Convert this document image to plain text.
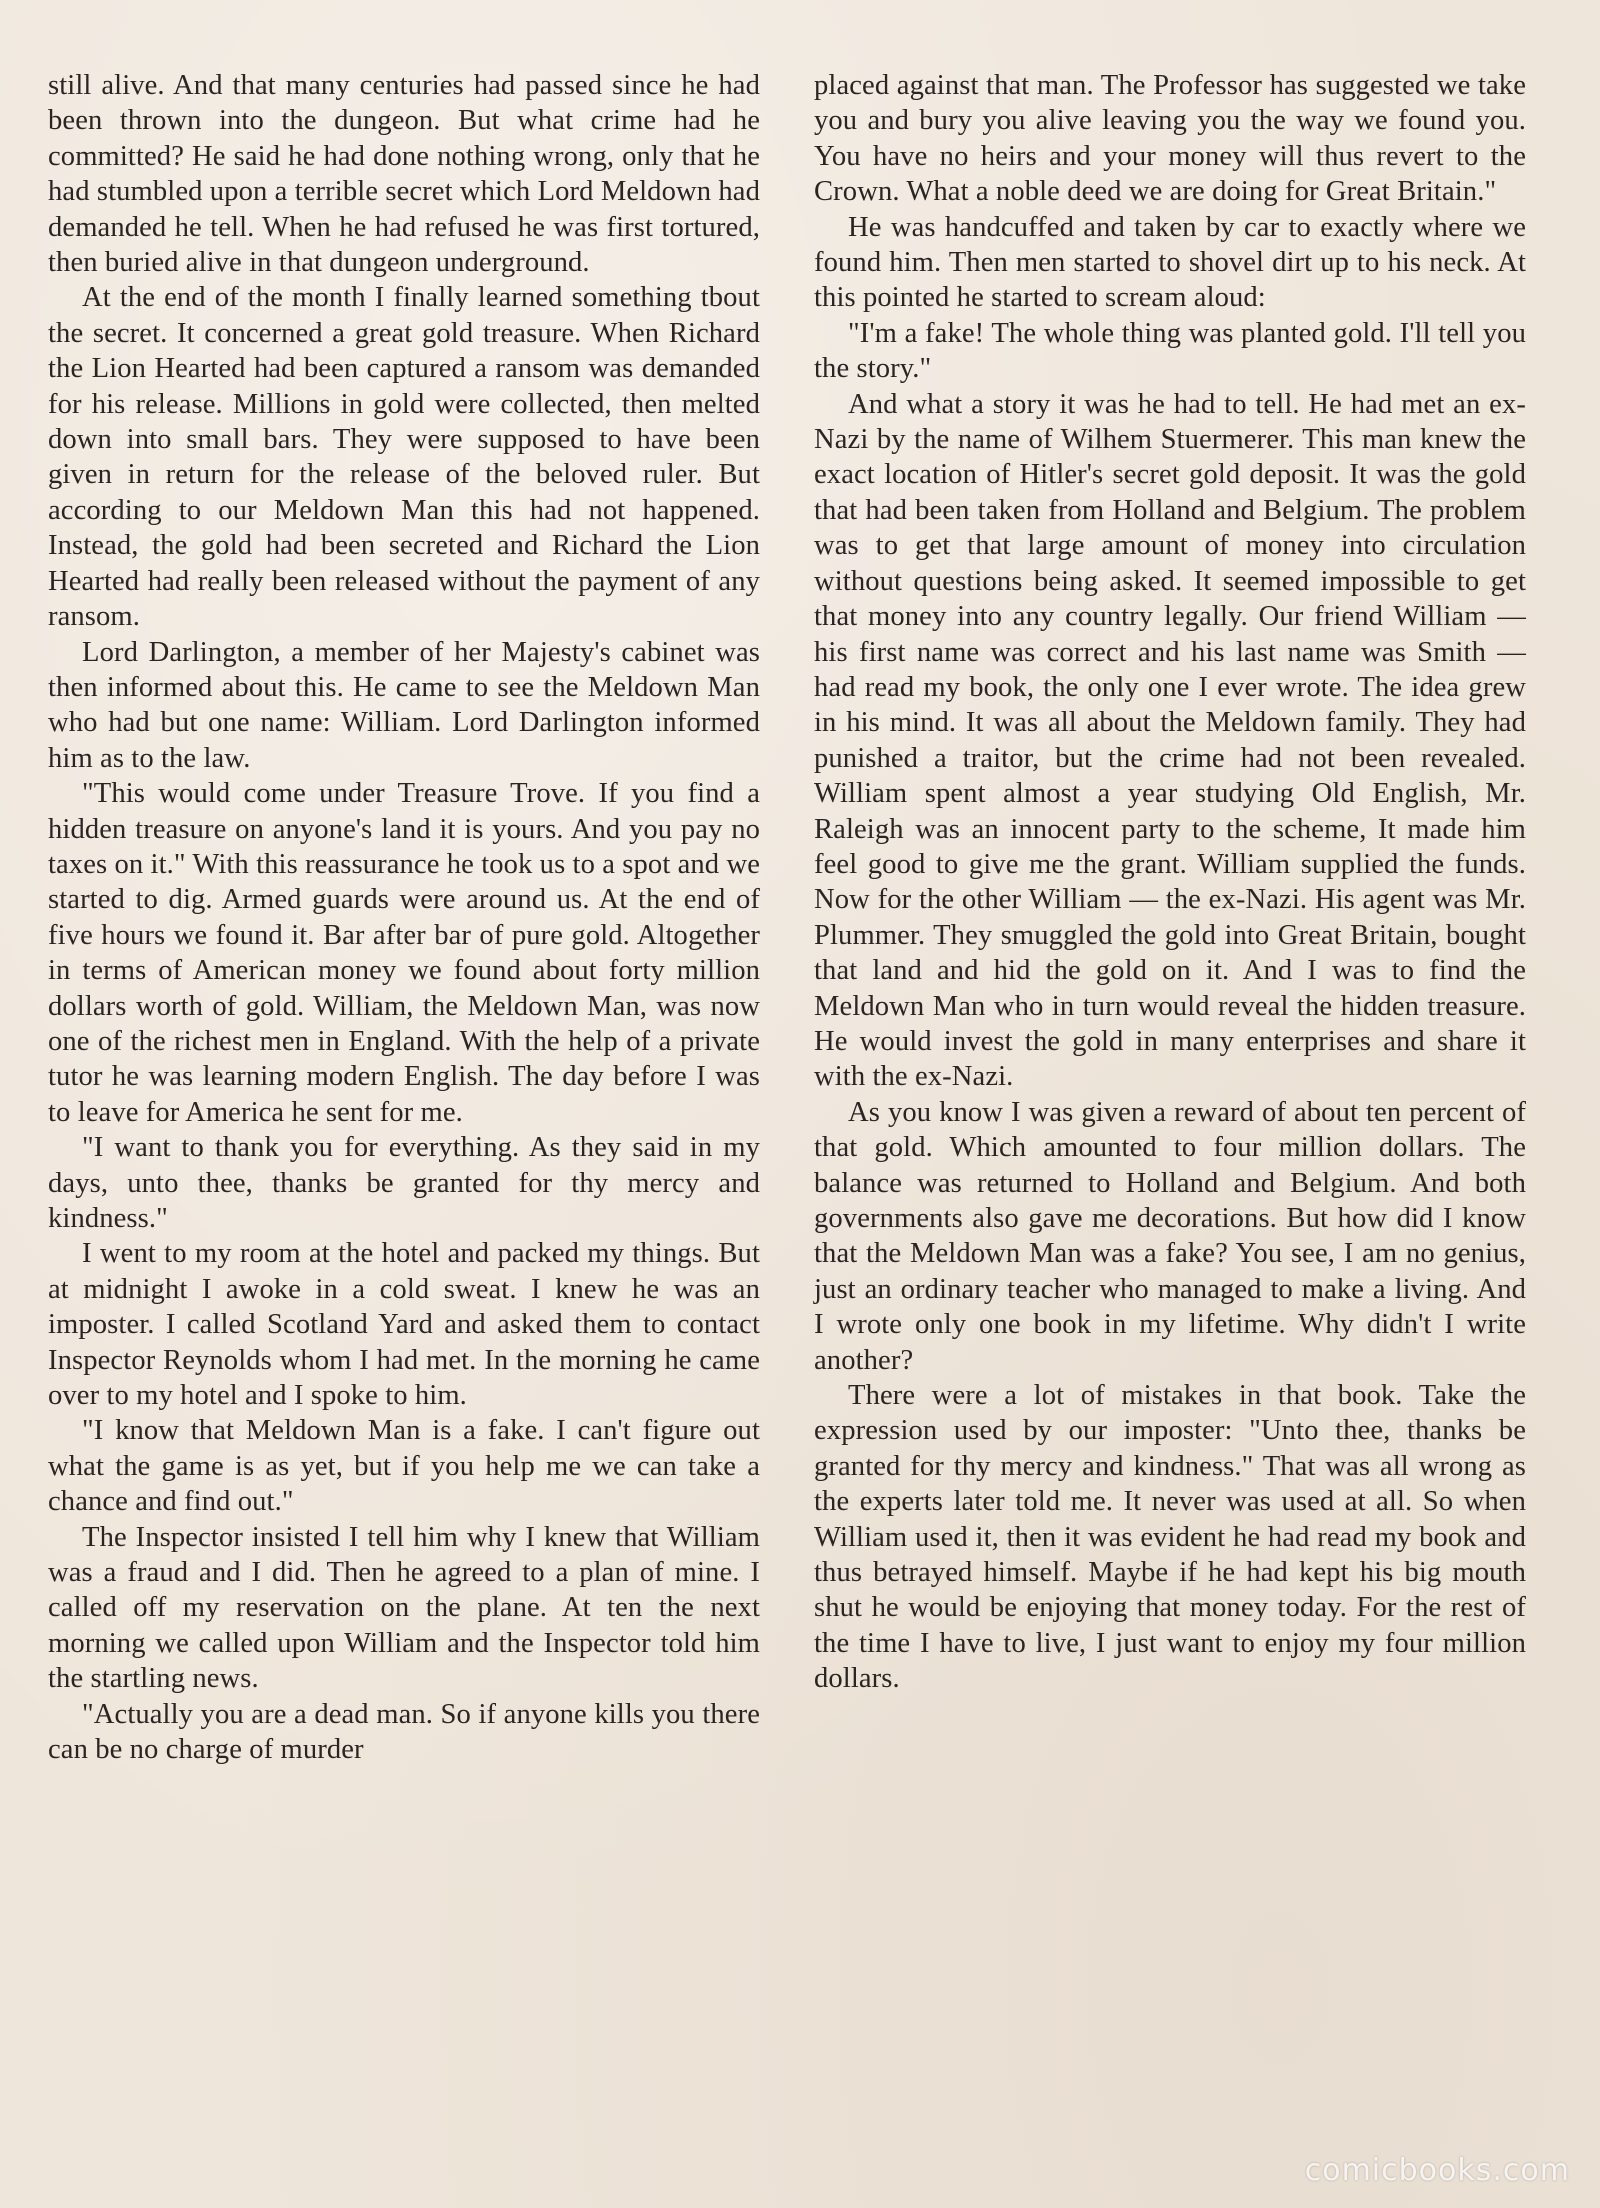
still alive. And that many centuries had passed since he had been thrown into the dungeon. But what crime had he committed? He said he had done nothing wrong, only that he had stumbled upon a terrible secret which Lord Meldown had demanded he tell. When he had refused he was first tortured, then buried alive in that dungeon underground.

At the end of the month I finally learned something tbout the secret. It concerned a great gold treasure. When Richard the Lion Hearted had been captured a ransom was demanded for his release. Millions in gold were collected, then melted down into small bars. They were supposed to have been given in return for the release of the beloved ruler. But according to our Meldown Man this had not happened. Instead, the gold had been secreted and Richard the Lion Hearted had really been released without the payment of any ransom.

Lord Darlington, a member of her Majesty's cabinet was then informed about this. He came to see the Meldown Man who had but one name: William. Lord Darlington informed him as to the law.

"This would come under Treasure Trove. If you find a hidden treasure on anyone's land it is yours. And you pay no taxes on it." With this reassurance he took us to a spot and we started to dig. Armed guards were around us. At the end of five hours we found it. Bar after bar of pure gold. Altogether in terms of American money we found about forty million dollars worth of gold. William, the Meldown Man, was now one of the richest men in England. With the help of a private tutor he was learning modern English. The day before I was to leave for America he sent for me.

"I want to thank you for everything. As they said in my days, unto thee, thanks be granted for thy mercy and kindness."

I went to my room at the hotel and packed my things. But at midnight I awoke in a cold sweat. I knew he was an imposter. I called Scotland Yard and asked them to contact Inspector Reynolds whom I had met. In the morning he came over to my hotel and I spoke to him.

"I know that Meldown Man is a fake. I can't figure out what the game is as yet, but if you help me we can take a chance and find out."

The Inspector insisted I tell him why I knew that William was a fraud and I did. Then he agreed to a plan of mine. I called off my reservation on the plane. At ten the next morning we called upon William and the Inspector told him the startling news.

"Actually you are a dead man. So if anyone kills you there can be no charge of murder

placed against that man. The Professor has suggested we take you and bury you alive leaving you the way we found you. You have no heirs and your money will thus revert to the Crown. What a noble deed we are doing for Great Britain."

He was handcuffed and taken by car to exactly where we found him. Then men started to shovel dirt up to his neck. At this pointed he started to scream aloud:

"I'm a fake! The whole thing was planted gold. I'll tell you the story."

And what a story it was he had to tell. He had met an ex-Nazi by the name of Wilhem Stuermerer. This man knew the exact location of Hitler's secret gold deposit. It was the gold that had been taken from Holland and Belgium. The problem was to get that large amount of money into circulation without questions being asked. It seemed impossible to get that money into any country legally. Our friend William — his first name was correct and his last name was Smith — had read my book, the only one I ever wrote. The idea grew in his mind. It was all about the Meldown family. They had punished a traitor, but the crime had not been revealed. William spent almost a year studying Old English, Mr. Raleigh was an innocent party to the scheme, It made him feel good to give me the grant. William supplied the funds. Now for the other William — the ex-Nazi. His agent was Mr. Plummer. They smuggled the gold into Great Britain, bought that land and hid the gold on it. And I was to find the Meldown Man who in turn would reveal the hidden treasure. He would invest the gold in many enterprises and share it with the ex-Nazi.

As you know I was given a reward of about ten percent of that gold. Which amounted to four million dollars. The balance was returned to Holland and Belgium. And both governments also gave me decorations. But how did I know that the Meldown Man was a fake? You see, I am no genius, just an ordinary teacher who managed to make a living. And I wrote only one book in my lifetime. Why didn't I write another?

There were a lot of mistakes in that book. Take the expression used by our imposter: "Unto thee, thanks be granted for thy mercy and kindness." That was all wrong as the experts later told me. It never was used at all. So when William used it, then it was evident he had read my book and thus betrayed himself. Maybe if he had kept his big mouth shut he would be enjoying that money today. For the rest of the time I have to live, I just want to enjoy my four million dollars.

comicbooks.com
